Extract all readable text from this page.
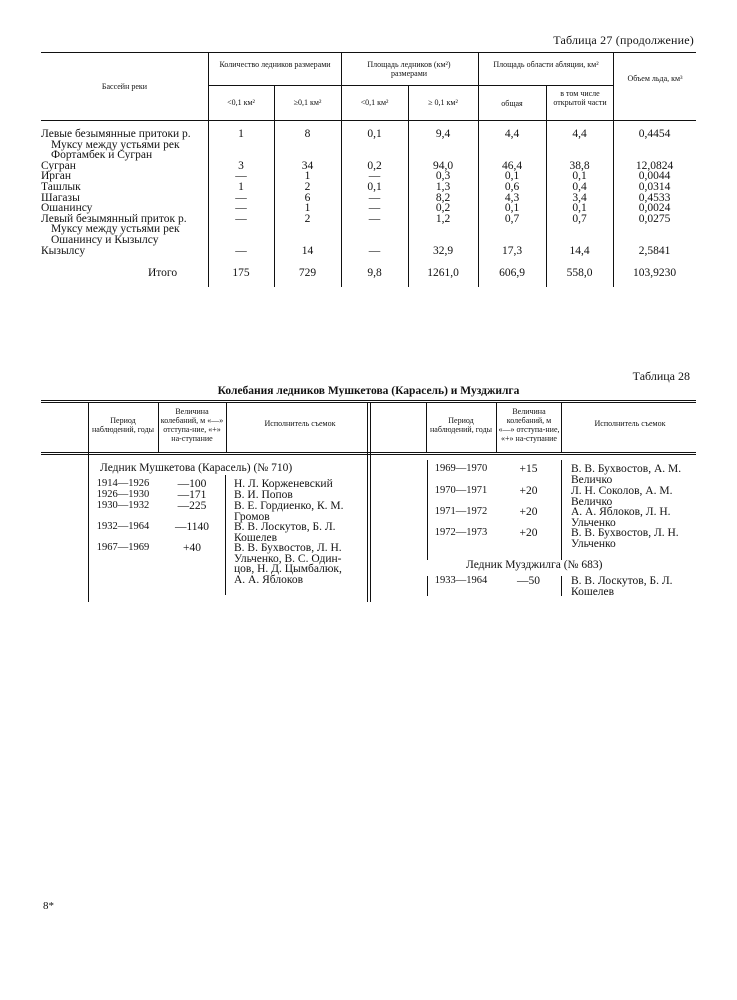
Таблица 27 (продолжение)
Бассейн реки
Количество ледников размерами
<0,1 км²	≥0,1 км²
Площадь ледников (км²) размерами
<0,1 км²	≥ 0,1 км²
Площадь области абляции, км²
общая
в том числе открытой части
Объем льда, км³
Левые безымянные притоки р.
Муксу между устьями рек
Фортамбек и Сугран
1	8	0,1	9,4	4,4	4,4	0,4454
Сугран	3	34	0,2	94,0	46,4	38,8	12,0824
Ирган	—	1	—	0,3	0,1	0,1	0,0044
Ташлык	1	2	0,1	1,3	0,6	0,4	0,0314
Шагазы	—	6	—	8,2	4,3	3,4	0,4533
Ошанинсу	—	1	—	0,2	0,1	0,1	0,0024
Левый безымянный приток р.
Муксу между устьями рек
Ошанинсу и Кызылсу
—	2	—	1,2	0,7	0,7	0,0275
Кызылсу	—	14	—	32,9	17,3	14,4	2,5841
Итого	175	729	9,8	1261,0	606,9	558,0	103,9230
Таблица 28
Колебания ледников Мушкетова (Карасель) и Музджилга
Период наблюдений, годы
Величина колебаний, м «—» отступа-ние, «+» на-ступание
Исполнитель съемок	Период наблюдений, годы
Величина колебаний, м «—» отступа-ние, «+» на-ступание
Исполнитель съемок
Ледник Мушкетова (Карасель) (№ 710)
Ледник Музджилга (№ 683)
1914—1926	—100	Н. Л. Корженевский
1926—1930	—171	В. И. Попов
1930—1932	—225	В. Е. Гордиенко, К. М.
Громов
1932—1964	—1140	В. В. Лоскутов, Б. Л.
Кошелев
1967—1969	+40	В. В. Бухвостов, Л. Н.
Ульченко, В. С. Один-
цов, Н. Д. Цымбалюк,
А. А. Яблоков
1969—1970	+15	В. В. Бухвостов, А. М.
Величко
1970—1971	+20	Л. Н. Соколов, А. М.
Величко
1971—1972	+20	А. А. Яблоков, Л. Н.
Ульченко
1972—1973	+20	В. В. Бухвостов, Л. Н.
Ульченко
1933—1964	—50	В. В. Лоскутов, Б. Л.
Кошелев
8*
